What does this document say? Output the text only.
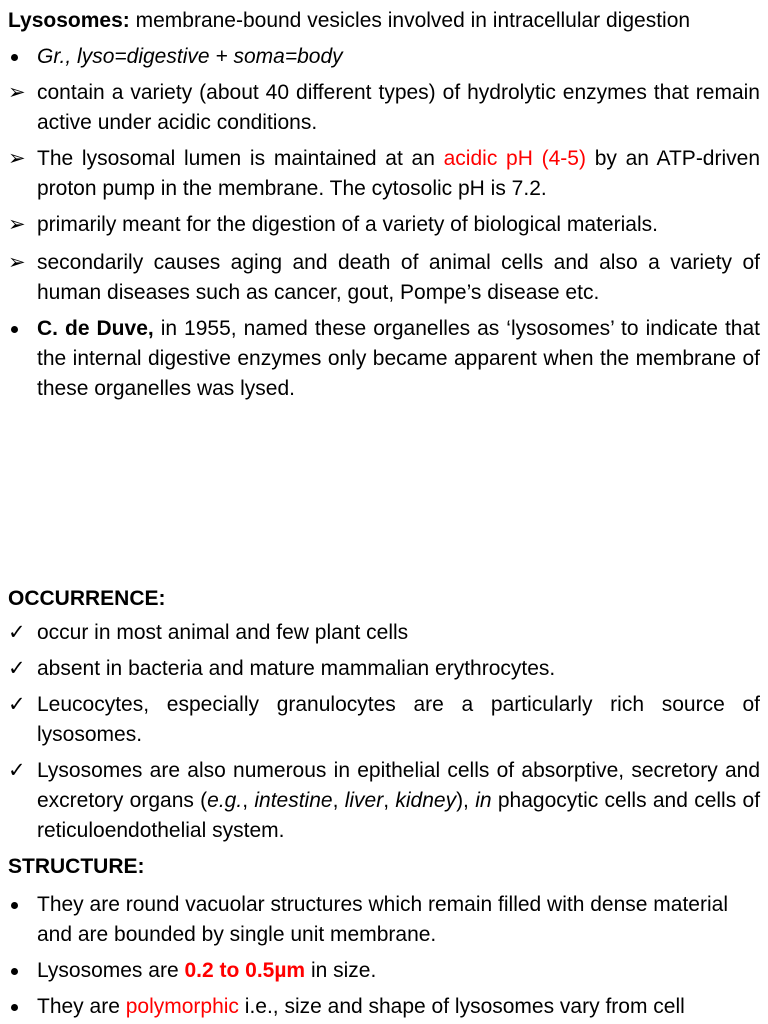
Lysosomes: membrane-bound vesicles involved in intracellular digestion
Gr., lyso=digestive + soma=body
➢ contain a variety (about 40 different types) of hydrolytic enzymes that remain active under acidic conditions.
➢ The lysosomal lumen is maintained at an acidic pH (4-5) by an ATP-driven proton pump in the membrane. The cytosolic pH is 7.2.
➢ primarily meant for the digestion of a variety of biological materials.
➢ secondarily causes aging and death of animal cells and also a variety of human diseases such as cancer, gout, Pompe’s disease etc.
C. de Duve, in 1955, named these organelles as ‘lysosomes’ to indicate that the internal digestive enzymes only became apparent when the membrane of these organelles was lysed.
OCCURRENCE:
✓ occur in most animal and few plant cells
✓ absent in bacteria and mature mammalian erythrocytes.
✓ Leucocytes, especially granulocytes are a particularly rich source of lysosomes.
✓ Lysosomes are also numerous in epithelial cells of absorptive, secretory and excretory organs (e.g., intestine, liver, kidney), in phagocytic cells and cells of reticuloendothelial system.
STRUCTURE:
They are round vacuolar structures which remain filled with dense material and are bounded by single unit membrane.
Lysosomes are 0.2 to 0.5µm in size.
They are polymorphic i.e., size and shape of lysosomes vary from cell
